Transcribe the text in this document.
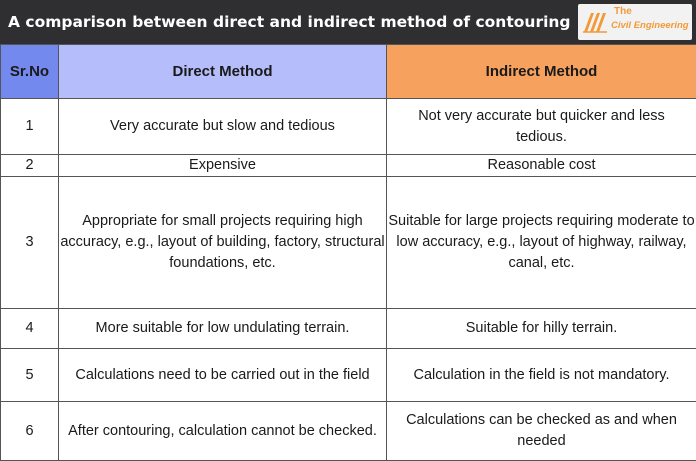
A comparison between direct and indirect method of contouring
The
Civil Engineering
Sr.No	Direct Method	Indirect Method
1	Very accurate but slow and tedious	Not very accurate but quicker and less tedious.
2	Expensive	Reasonable cost
3	Appropriate for small projects requiring high accuracy, e.g., layout of building, factory, structural foundations, etc.	Suitable for large projects requiring moderate to low accuracy, e.g., layout of highway, railway, canal, etc.
4	More suitable for low undulating terrain.	Suitable for hilly terrain.
5	Calculations need to be carried out in the field	Calculation in the field is not mandatory.
6	After contouring, calculation cannot be checked.	Calculations can be checked as and when needed
